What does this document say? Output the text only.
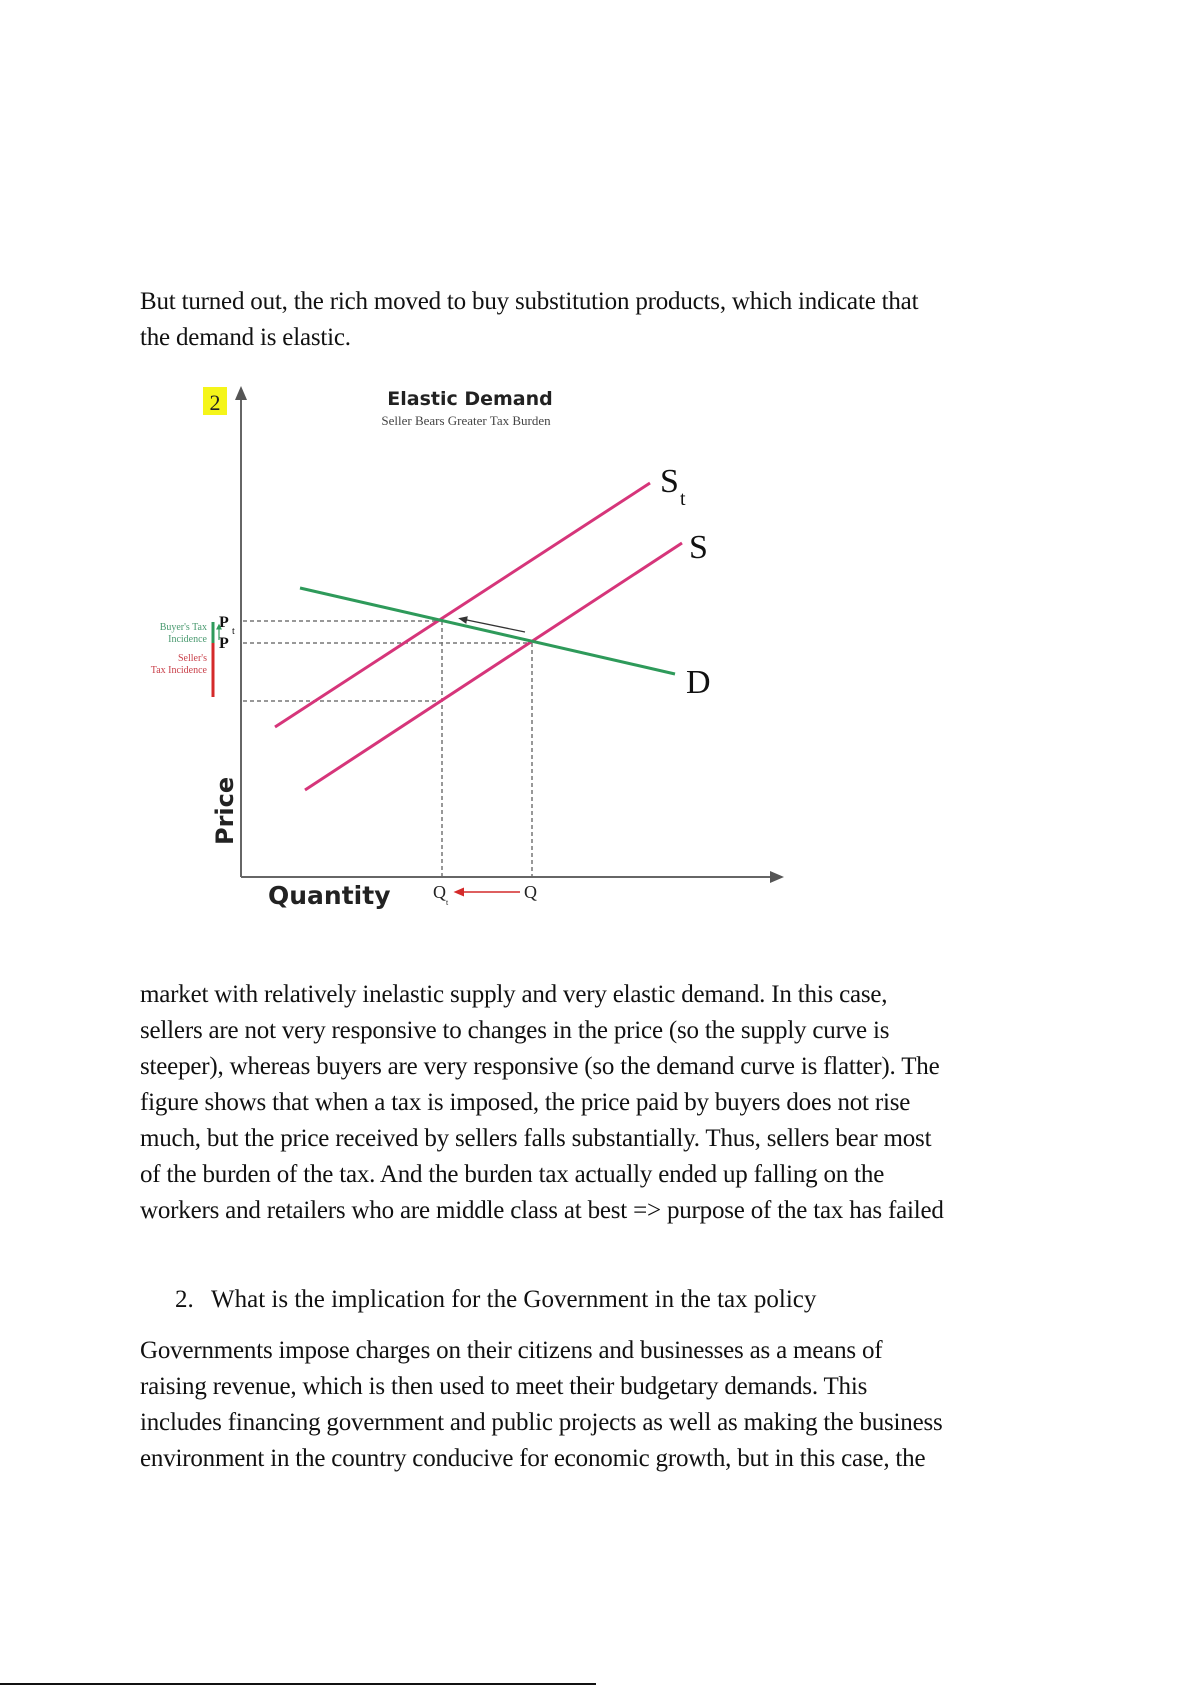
But turned out, the rich moved to buy substitution products, which indicate that
the demand is elastic.
2	Elastic Demand
Seller Bears Greater Tax Burden
S t
S
D
P
t
P
Buyer's Tax
Incidence
Seller's
Tax Incidence
Price
Quantity Q
t
Q
market with relatively inelastic supply and very elastic demand. In this case,
sellers are not very responsive to changes in the price (so the supply curve is
steeper), whereas buyers are very responsive (so the demand curve is flatter). The
figure shows that when a tax is imposed, the price paid by buyers does not rise
much, but the price received by sellers falls substantially. Thus, sellers bear most
of the burden of the tax. And the burden tax actually ended up falling on the
workers and retailers who are middle class at best => purpose of the tax has failed
2. What is the implication for the Government in the tax policy
Governments impose charges on their citizens and businesses as a means of
raising revenue, which is then used to meet their budgetary demands. This
includes financing government and public projects as well as making the business
environment in the country conducive for economic growth, but in this case, the
